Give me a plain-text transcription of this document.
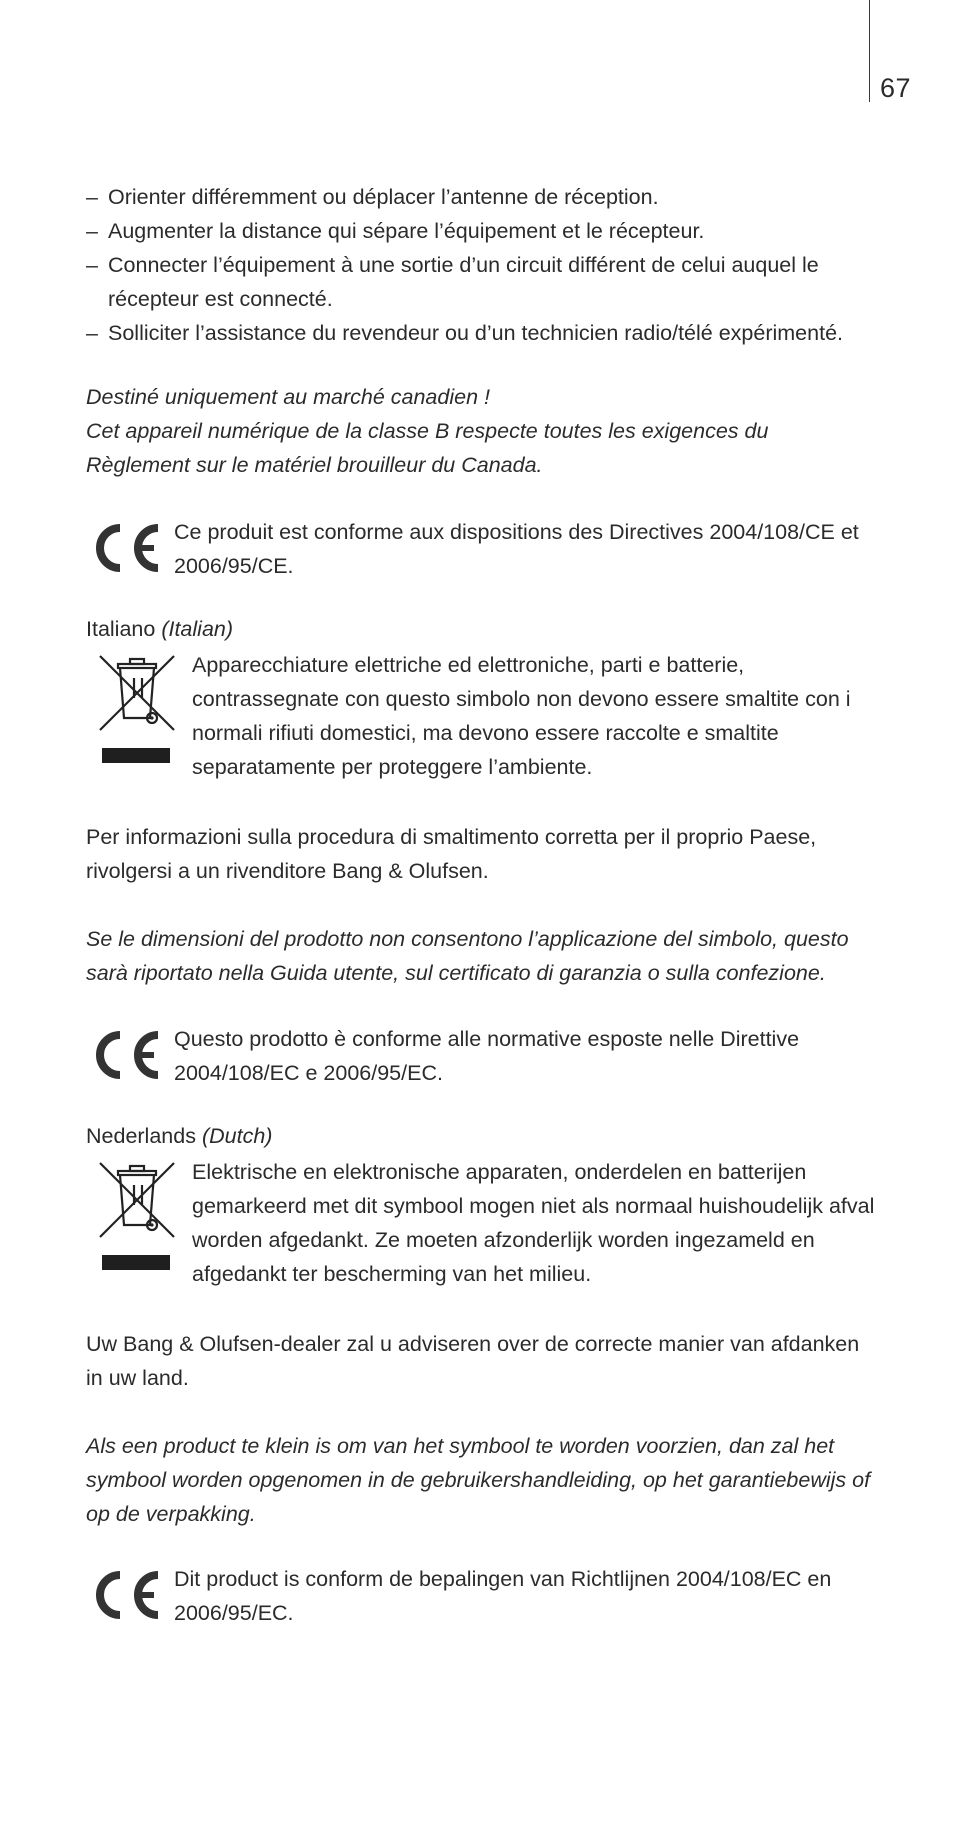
67
– Orienter différemment ou déplacer l’antenne de réception.
– Augmenter la distance qui sépare l’équipement et le récepteur.
– Connecter l’équipement à une sortie d’un circuit différent de celui auquel le récepteur est connecté.
– Solliciter l’assistance du revendeur ou d’un technicien radio/télé expérimenté.

Destiné uniquement au marché canadien !

Cet appareil numérique de la classe B respecte toutes les exigences du Règlement sur le matériel brouilleur du Canada.

Ce produit est conforme aux dispositions des Directives 2004/108/CE et 2006/95/CE.

Italiano (Italian)

Apparecchiature elettriche ed elettroniche, parti e batterie, contrassegnate con questo simbolo non devono essere smaltite con i normali rifiuti domestici, ma devono essere raccolte e smaltite separatamente per proteggere l’ambiente.

Per informazioni sulla procedura di smaltimento corretta per il proprio Paese, rivolgersi a un rivenditore Bang & Olufsen.

Se le dimensioni del prodotto non consentono l’applicazione del simbolo, questo sarà riportato nella Guida utente, sul certificato di garanzia o sulla confezione.

Questo prodotto è conforme alle normative esposte nelle Direttive 2004/108/EC e 2006/95/EC.

Nederlands (Dutch)

Elektrische en elektronische apparaten, onderdelen en batterijen gemarkeerd met dit symbool mogen niet als normaal huishoudelijk afval worden afgedankt. Ze moeten afzonderlijk worden ingezameld en afgedankt ter bescherming van het milieu.

Uw Bang & Olufsen-dealer zal u adviseren over de correcte manier van afdanken in uw land.

Als een product te klein is om van het symbool te worden voorzien, dan zal het symbool worden opgenomen in de gebruikershandleiding, op het garantiebewijs of op de verpakking.

Dit product is conform de bepalingen van Richtlijnen 2004/108/EC en 2006/95/EC.
